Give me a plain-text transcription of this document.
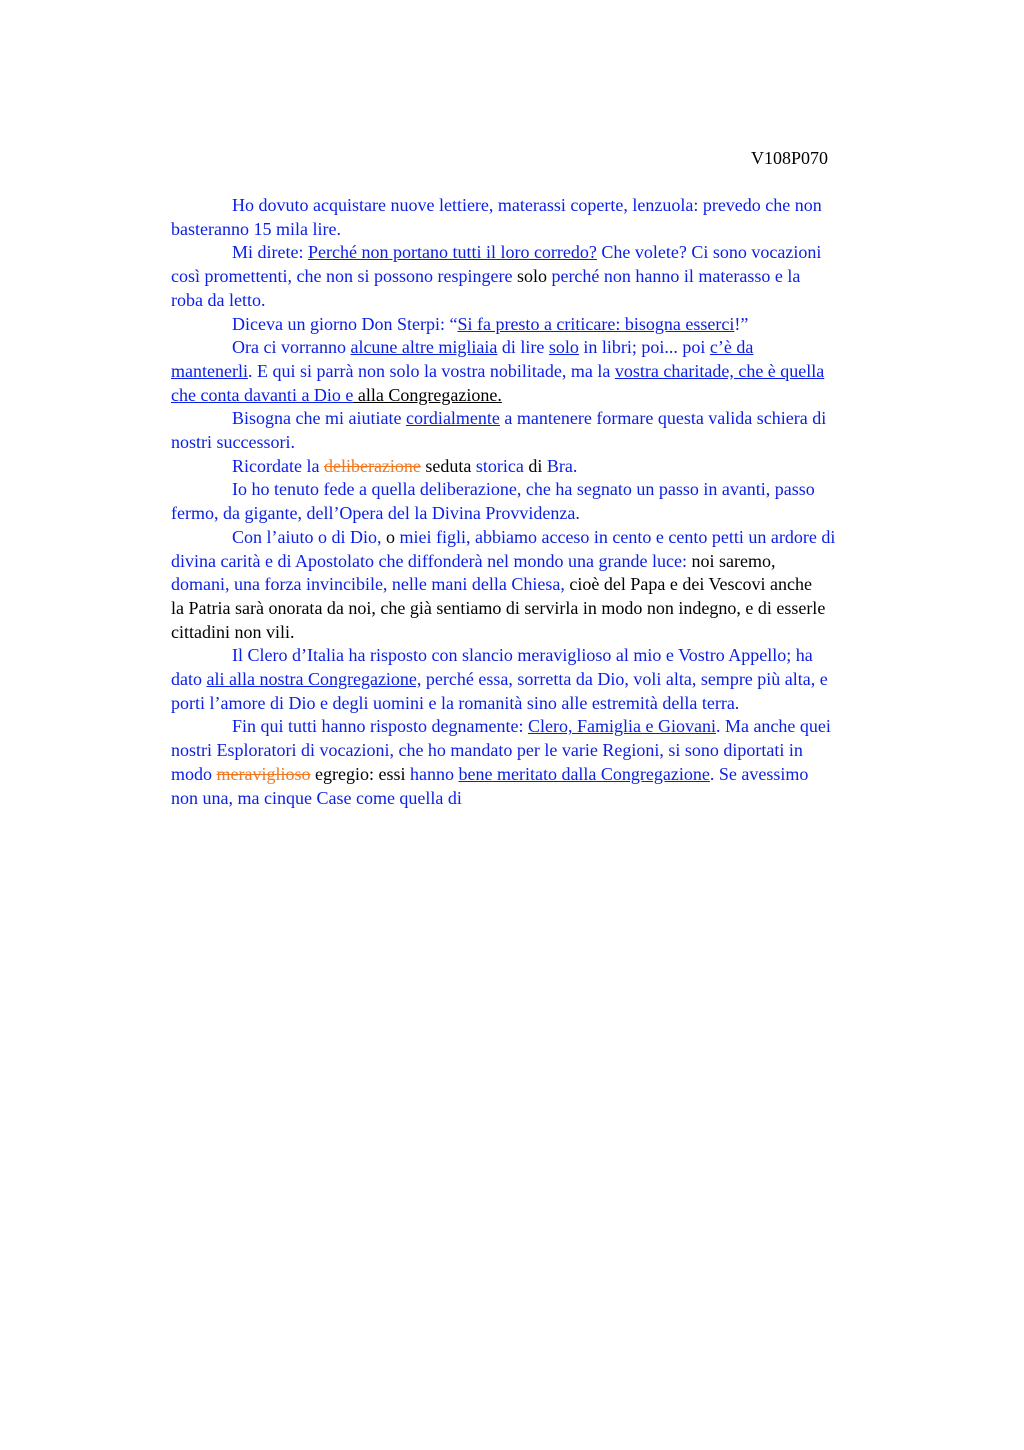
V108P070
Ho dovuto acquistare nuove lettiere, materassi coperte, lenzuola: prevedo che non
basteranno 15 mila lire.
Mi direte: Perché non portano tutti il loro corredo? Che volete? Ci sono vocazioni
così promettenti, che non si possono respingere solo perché non hanno il materasso e la
roba da letto.
Diceva un giorno Don Sterpi: “Si fa presto a criticare: bisogna esserci!”
Ora ci vorranno alcune altre migliaia di lire solo in libri; poi... poi c’è da
mantenerli. E qui si parrà non solo la vostra nobilitade, ma la vostra charitade, che è quella
che conta davanti a Dio e alla Congregazione.
Bisogna che mi aiutiate cordialmente a mantenere formare questa valida schiera di
nostri successori.
Ricordate la deliberazione seduta storica di Bra.
Io ho tenuto fede a quella deliberazione, che ha segnato un passo in avanti, passo
fermo, da gigante, dell’Opera del la Divina Provvidenza.
Con l’aiuto o di Dio, o miei figli, abbiamo acceso in cento e cento petti un ardore di
divina carità e di Apostolato che diffonderà nel mondo una grande luce: noi saremo,
domani, una forza invincibile, nelle mani della Chiesa, cioè del Papa e dei Vescovi anche
la Patria sarà onorata da noi, che già sentiamo di servirla in modo non indegno, e di esserle
cittadini non vili.
Il Clero d’Italia ha risposto con slancio meraviglioso al mio e Vostro Appello; ha
dato ali alla nostra Congregazione, perché essa, sorretta da Dio, voli alta, sempre più alta, e
porti l’amore di Dio e degli uomini e la romanità sino alle estremità della terra.
Fin qui tutti hanno risposto degnamente: Clero, Famiglia e Giovani. Ma anche quei
nostri Esploratori di vocazioni, che ho mandato per le varie Regioni, si sono diportati in
modo meraviglioso egregio: essi hanno bene meritato dalla Congregazione. Se avessimo
non una, ma cinque Case come quella di
